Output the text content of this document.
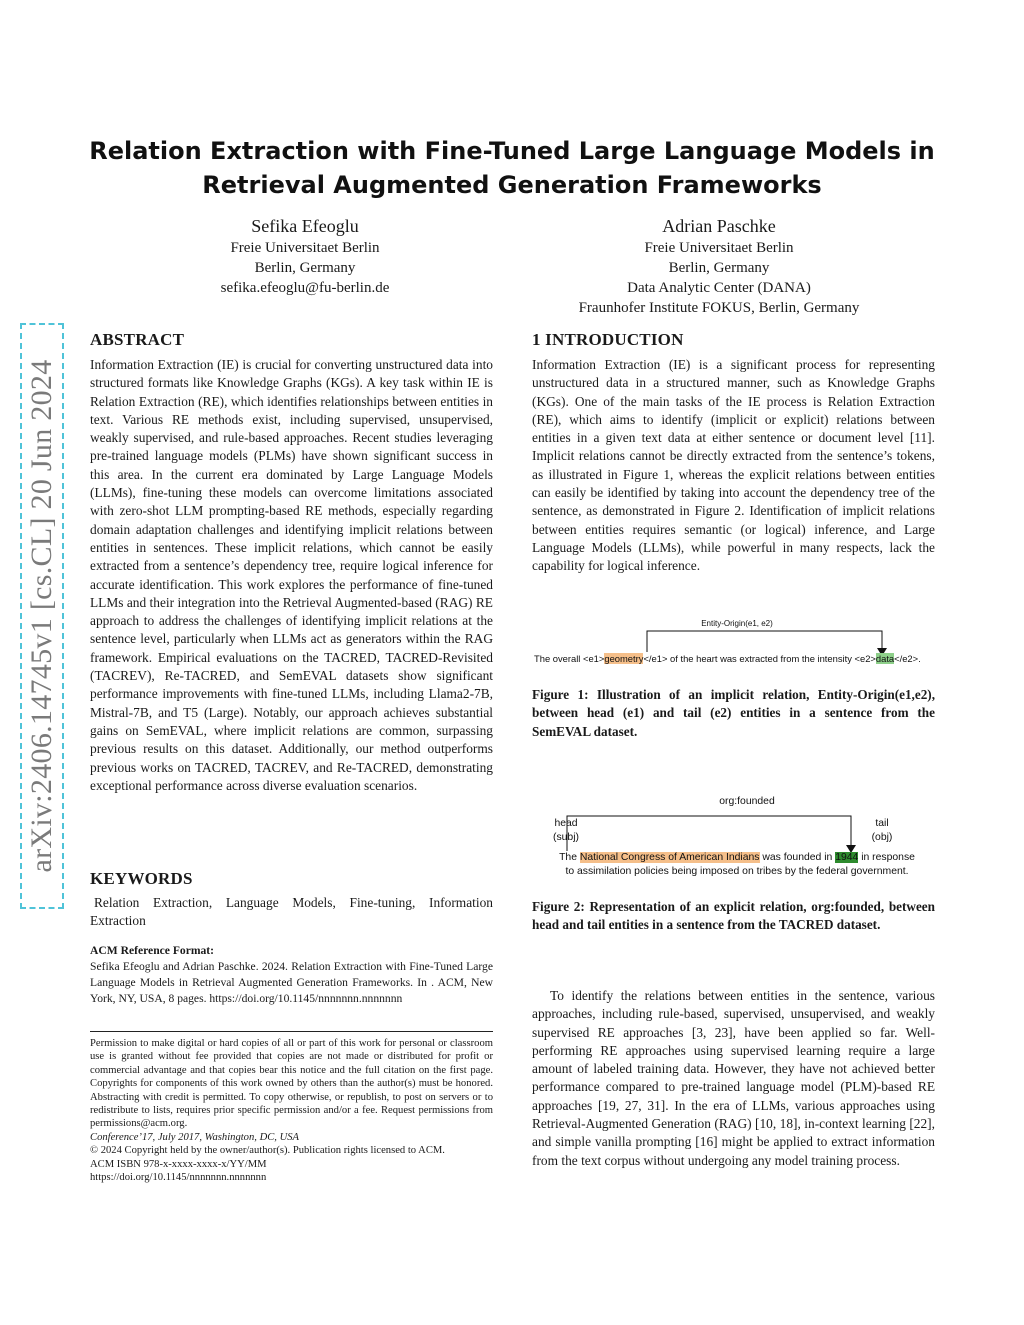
Relation Extraction with Fine-Tuned Large Language Models in
Retrieval Augmented Generation Frameworks
Sefika Efeoglu
Freie Universitaet Berlin
Berlin, Germany
sefika.efeoglu@fu-berlin.de
Adrian Paschke
Freie Universitaet Berlin
Berlin, Germany
Data Analytic Center (DANA)
Fraunhofer Institute FOKUS, Berlin, Germany
arXiv:2406.14745v1 [cs.CL] 20 Jun 2024
ABSTRACT
Information Extraction (IE) is crucial for converting unstructured data into structured formats like Knowledge Graphs (KGs). A key task within IE is Relation Extraction (RE), which identifies relationships between entities in text. Various RE methods exist, including supervised, unsupervised, weakly supervised, and rule-based approaches. Recent studies leveraging pre-trained language models (PLMs) have shown significant success in this area. In the current era dominated by Large Language Models (LLMs), fine-tuning these models can overcome limitations associated with zero-shot LLM prompting-based RE methods, especially regarding domain adaptation challenges and identifying implicit relations between entities in sentences. These implicit relations, which cannot be easily extracted from a sentence’s dependency tree, require logical inference for accurate identification. This work explores the performance of fine-tuned LLMs and their integration into the Retrieval Augmented-based (RAG) RE approach to address the challenges of identifying implicit relations at the sentence level, particularly when LLMs act as generators within the RAG framework. Empirical evaluations on the TACRED, TACRED-Revisited (TACREV), Re-TACRED, and SemEVAL datasets show significant performance improvements with fine-tuned LLMs, including Llama2-7B, Mistral-7B, and T5 (Large). Notably, our approach achieves substantial gains on SemEVAL, where implicit relations are common, surpassing previous results on this dataset. Additionally, our method outperforms previous works on TACRED, TACREV, and Re-TACRED, demonstrating exceptional performance across diverse evaluation scenarios.
KEYWORDS
Relation Extraction, Language Models, Fine-tuning, Information Extraction
ACM Reference Format:
Sefika Efeoglu and Adrian Paschke. 2024. Relation Extraction with Fine-Tuned Large Language Models in Retrieval Augmented Generation Frameworks. In . ACM, New York, NY, USA, 8 pages. https://doi.org/10.1145/nnnnnnn.nnnnnnn
Permission to make digital or hard copies of all or part of this work for personal or classroom use is granted without fee provided that copies are not made or distributed for profit or commercial advantage and that copies bear this notice and the full citation on the first page. Copyrights for components of this work owned by others than the author(s) must be honored. Abstracting with credit is permitted. To copy otherwise, or republish, to post on servers or to redistribute to lists, requires prior specific permission and/or a fee. Request permissions from permissions@acm.org.
Conference’17, July 2017, Washington, DC, USA
© 2024 Copyright held by the owner/author(s). Publication rights licensed to ACM.
ACM ISBN 978-x-xxxx-xxxx-x/YY/MM
https://doi.org/10.1145/nnnnnnn.nnnnnnn
1 INTRODUCTION
Information Extraction (IE) is a significant process for representing unstructured data in a structured manner, such as Knowledge Graphs (KGs). One of the main tasks of the IE process is Relation Extraction (RE), which aims to identify (implicit or explicit) relations between entities in a given text data at either sentence or document level [11]. Implicit relations cannot be directly extracted from the sentence’s tokens, as illustrated in Figure 1, whereas the explicit relations between entities can easily be identified by taking into account the dependency tree of the sentence, as demonstrated in Figure 2. Identification of implicit relations between entities requires semantic (or logical) inference, and Large Language Models (LLMs), while powerful in many respects, lack the capability for logical inference.
Entity-Origin(e1, e2)
The overall <e1>geometry</e1> of the heart was extracted from the intensity <e2>data</e2>.
Figure 1: Illustration of an implicit relation, Entity-Origin(e1,e2), between head (e1) and tail (e2) entities in a sentence from the SemEVAL dataset.
org:founded
head
(subj)
tail
(obj)
The National Congress of American Indians was founded in 1944 in response
to assimilation policies being imposed on tribes by the federal government.
Figure 2: Representation of an explicit relation, org:founded, between head and tail entities in a sentence from the TACRED dataset.
To identify the relations between entities in the sentence, various approaches, including rule-based, supervised, unsupervised, and weakly supervised RE approaches [3, 23], have been applied so far. Well-performing RE approaches using supervised learning require a large amount of labeled training data. However, they have not achieved better performance compared to pre-trained language model (PLM)-based RE approaches [19, 27, 31]. In the era of LLMs, various approaches using Retrieval-Augmented Generation (RAG) [10, 18], in-context learning [22], and simple vanilla prompting [16] might be applied to extract information from the text corpus without undergoing any model training process.
